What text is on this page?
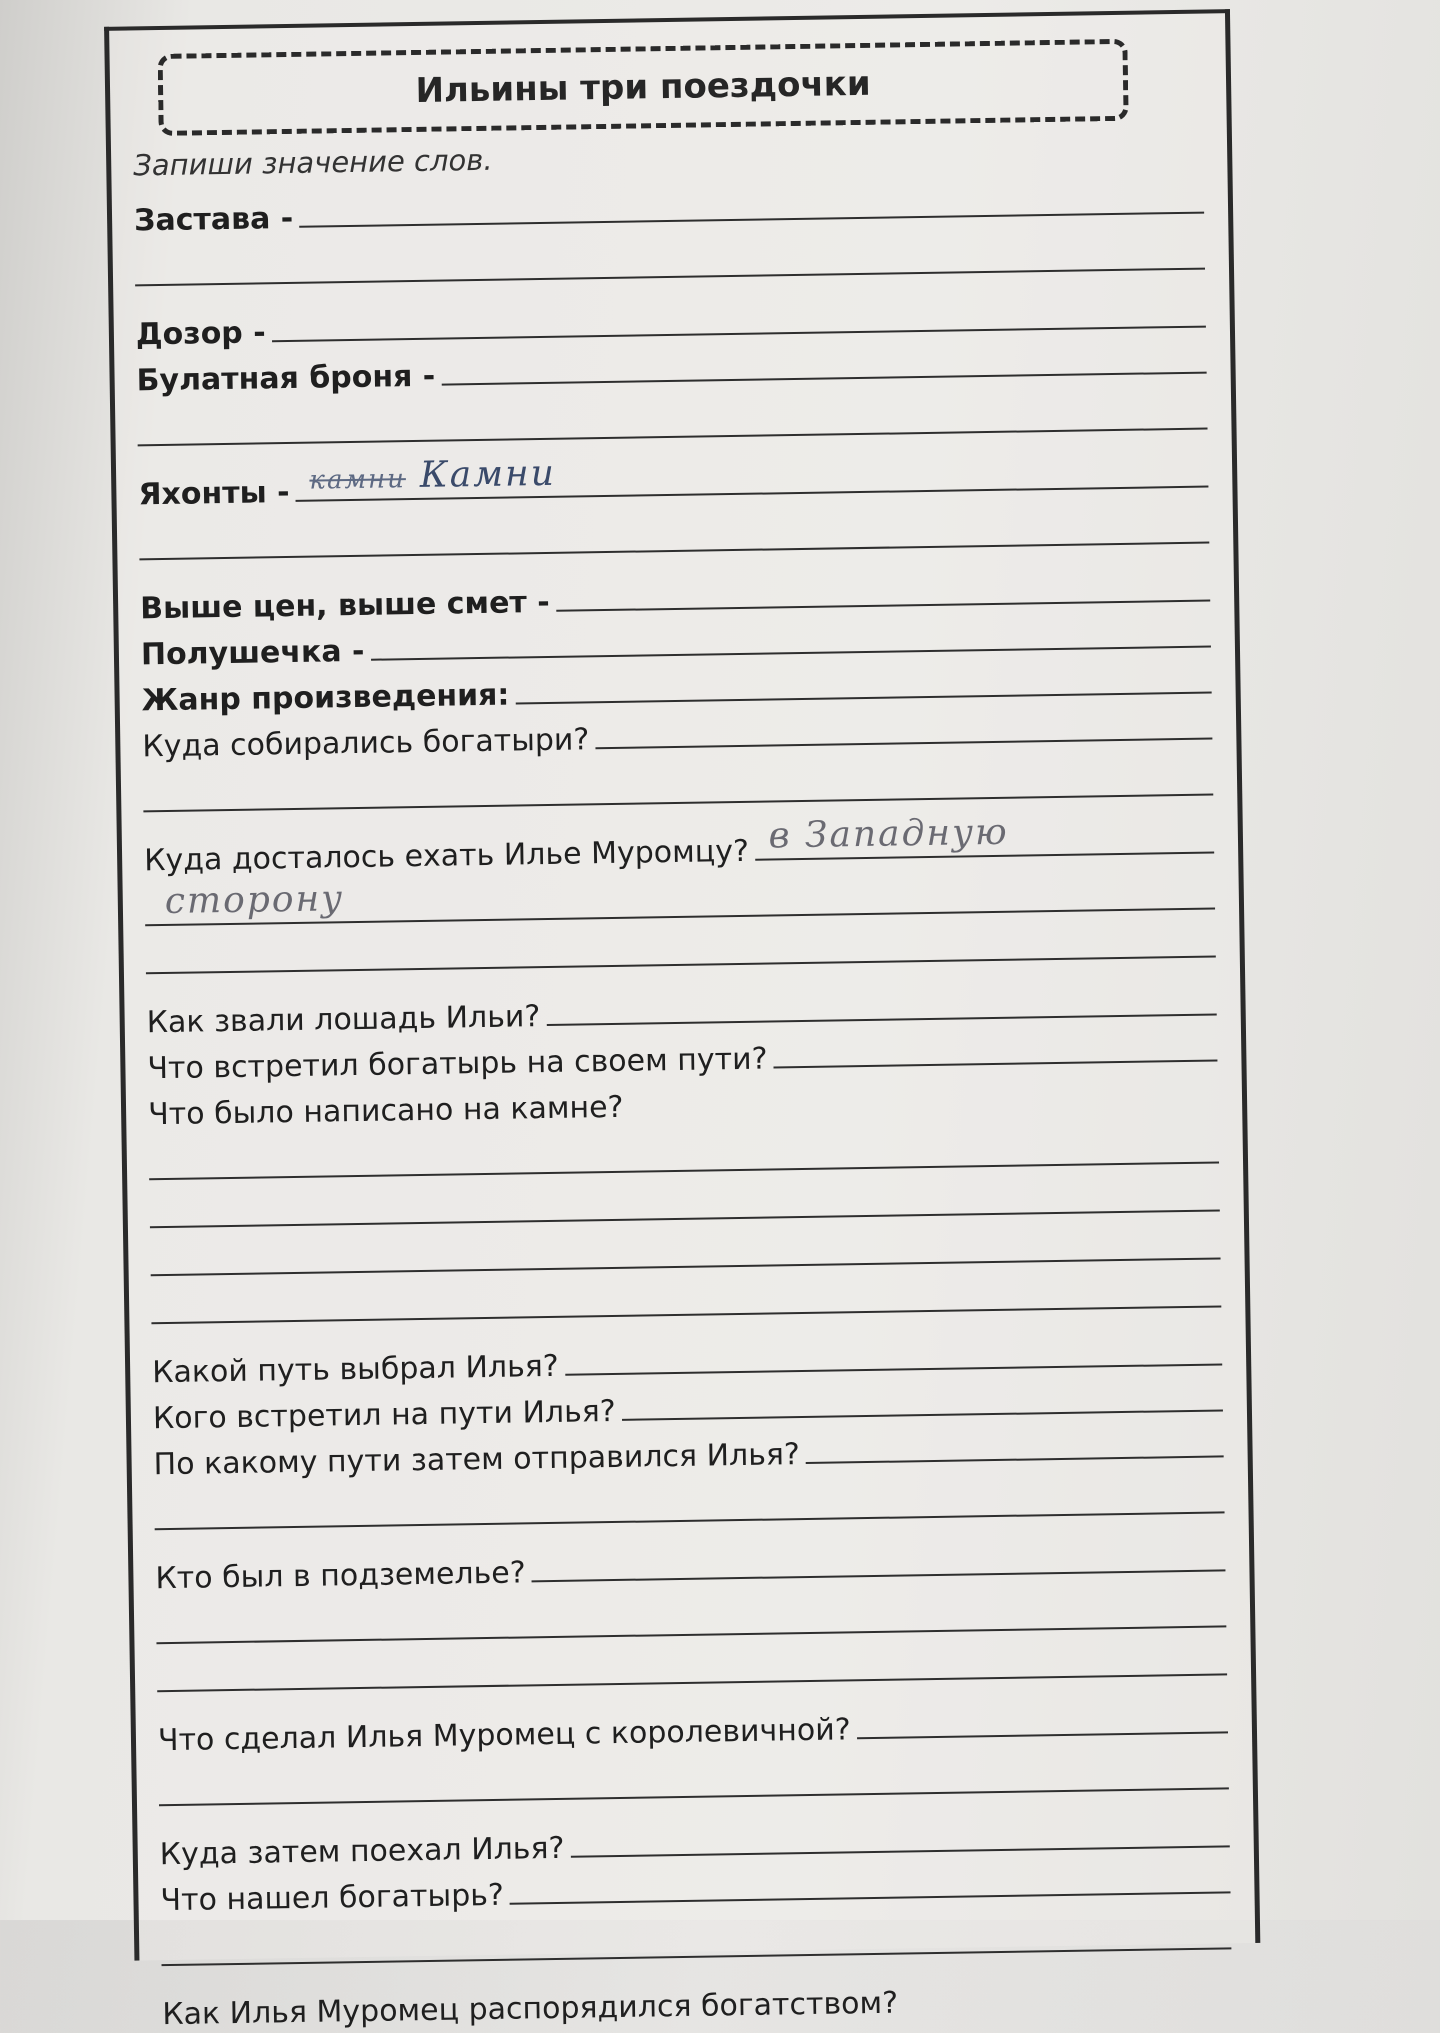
Ильины три поездочки
Запиши значение слов.
Застава -
Дозор -
Булатная броня -
Яхонты - камни Камни
Выше цен, выше смет -
Полушечка -
Жанр произведения:
Куда собирались богатыри?
Куда досталось ехать Илье Муромцу? в Западную
сторону
Как звали лошадь Ильи?
Что встретил богатырь на своем пути?
Что было написано на камне?
Какой путь выбрал Илья?
Кого встретил на пути Илья?
По какому пути затем отправился Илья?
Кто был в подземелье?
Что сделал Илья Муромец с королевичной?
Куда затем поехал Илья?
Что нашел богатырь?
Как Илья Муромец распорядился богатством?
